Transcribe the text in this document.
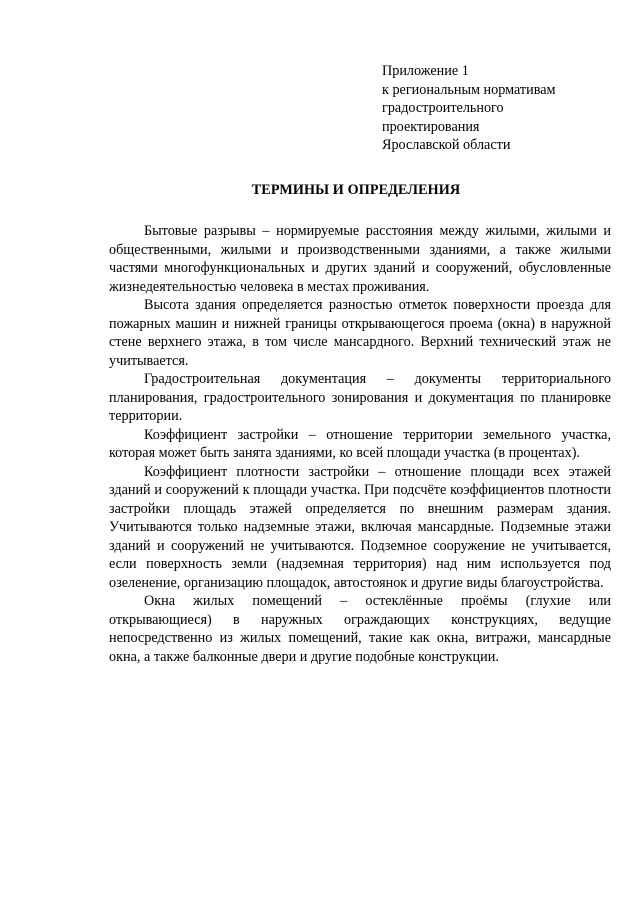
Приложение 1
к региональным нормативам
градостроительного
проектирования
Ярославской области
ТЕРМИНЫ И ОПРЕДЕЛЕНИЯ

Бытовые разрывы – нормируемые расстояния между жилыми, жилыми и общественными, жилыми и производственными зданиями, а также жилыми частями многофункциональных и других зданий и сооружений, обусловленные жизнедеятельностью человека в местах проживания.

Высота здания определяется разностью отметок поверхности проезда для пожарных машин и нижней границы открывающегося проема (окна) в наружной стене верхнего этажа, в том числе мансардного. Верхний технический этаж не учитывается.

Градостроительная документация – документы территориального планирования, градостроительного зонирования и документация по планировке территории.

Коэффициент застройки – отношение территории земельного участка, которая может быть занята зданиями, ко всей площади участка (в процентах).

Коэффициент плотности застройки – отношение площади всех этажей зданий и сооружений к площади участка. При подсчёте коэффициентов плотности застройки площадь этажей определяется по внешним размерам здания. Учитываются только надземные этажи, включая мансардные. Подземные этажи зданий и сооружений не учитываются. Подземное сооружение не учитывается, если поверхность земли (надземная территория) над ним используется под озеленение, организацию площадок, автостоянок и другие виды благоустройства.

Окна жилых помещений – остеклённые проёмы (глухие или открывающиеся) в наружных ограждающих конструкциях, ведущие непосредственно из жилых помещений, такие как окна, витражи, мансардные окна, а также балконные двери и другие подобные конструкции.
